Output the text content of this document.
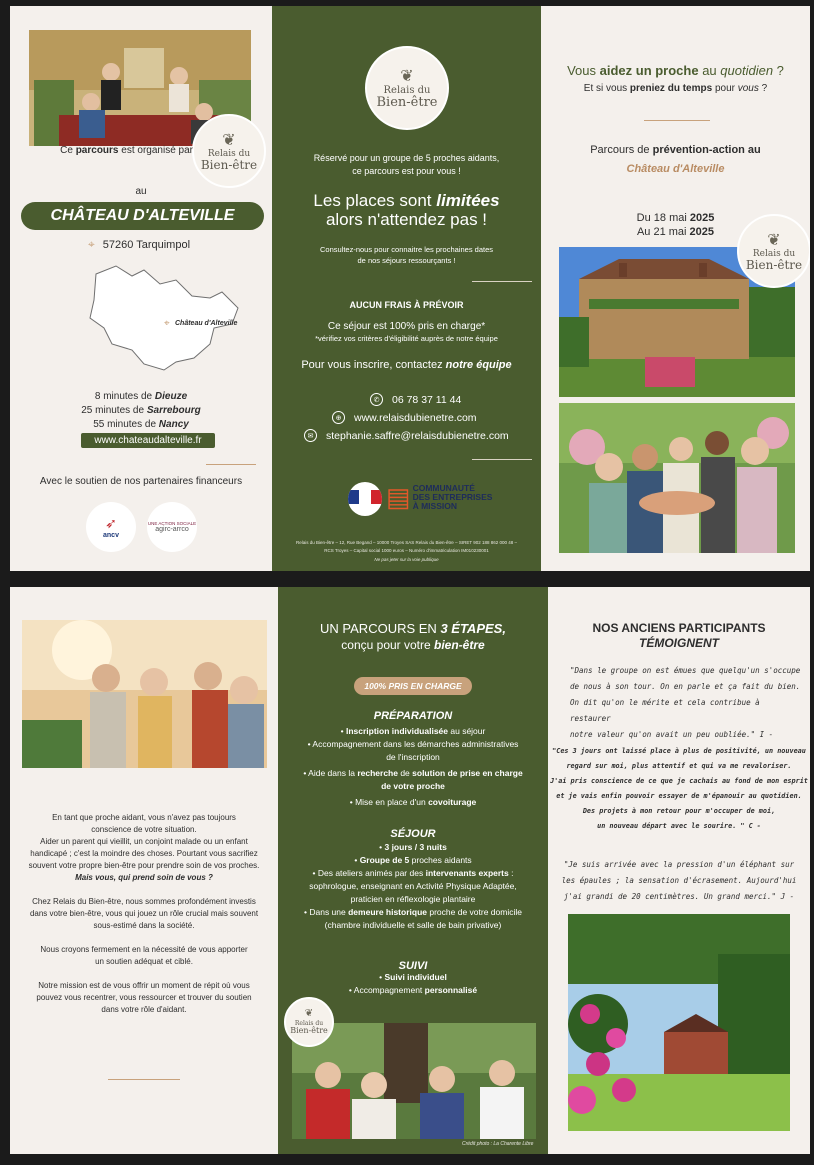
❦
Relais du
Bien-être
Ce parcours est organisé par
au
CHÂTEAU D'ALTEVILLE
⌖ 57260 Tarquimpol
⌖ Château d'Alteville
8 minutes de Dieuze
25 minutes de Sarrebourg
55 minutes de Nancy
www.chateaudalteville.fr
Avec le soutien de nos partenaires financeurs
➶
ancv
UNE ACTION SOCIALE
agirc-arrco
❦
Relais du
Bien-être
Réservé pour un groupe de 5 proches aidants,
ce parcours est pour vous !
Les places sont limitées
alors n'attendez pas !
Consultez-nous pour connaitre les prochaines dates
de nos séjours ressourçants !
AUCUN FRAIS À PRÉVOIR
Ce séjour est 100% pris en charge*
*vérifiez vos critères d'éligibilité auprès de notre équipe
Pour vous inscrire, contactez notre équipe
✆	06 78 37 11 44
⊕	www.relaisdubienetre.com
✉	stephanie.saffre@relaisdubienetre.com
▤ COMMUNAUTÉ
DES ENTREPRISES
À MISSION
Relais du Bien-être – 12, Rue Begand – 10000 Troyes SAS Relais du Bien-être – SIRET 902 188 862 000 48 –
RCS Troyes – Capital social 1000 euros – Numéro d'immatriculation IM010230001
Ne pas jeter sur la voie publique
Vous aidez un proche au quotidien ?
Et si vous preniez du temps pour vous ?
Parcours de prévention-action au
Château d'Alteville
Du 18 mai 2025
Au 21 mai 2025	❦
Relais du
Bien-être
En tant que proche aidant, vous n'avez pas toujours
conscience de votre situation.
Aider un parent qui vieillit, un conjoint malade ou un enfant
handicapé ; c'est la moindre des choses. Pourtant vous sacrifiez
souvent votre propre bien-être pour prendre soin de vos proches.
Mais vous, qui prend soin de vous ?
Chez Relais du Bien-être, nous sommes profondément investis
dans votre bien-être, vous qui jouez un rôle crucial mais souvent
sous-estimé dans la société.
Nous croyons fermement en la nécessité de vous apporter
un soutien adéquat et ciblé.
Notre mission est de vous offrir un moment de répit où vous
pouvez vous recentrer, vous ressourcer et trouver du soutien
dans votre rôle d'aidant.
UN PARCOURS EN 3 ÉTAPES,
conçu pour votre bien-être
100% PRIS EN CHARGE
PRÉPARATION
• Inscription individualisée au séjour
• Accompagnement dans les démarches administratives
de l'inscription
• Aide dans la recherche de solution de prise en charge
de votre proche
• Mise en place d'un covoiturage
SÉJOUR
• 3 jours / 3 nuits
• Groupe de 5 proches aidants
• Des ateliers animés par des intervenants experts :
sophrologue, enseignant en Activité Physique Adaptée,
praticien en réflexologie plantaire
• Dans une demeure historique proche de votre domicile
(chambre individuelle et salle de bain privative)
SUIVI
• Suivi individuel
• Accompagnement personnalisé
❦
Relais du
Bien-être
Crédit photo : La Charente Libre
NOS ANCIENS PARTICIPANTS
TÉMOIGNENT
"Dans le groupe on est émues que quelqu'un s'occupe
de nous à son tour. On en parle et ça fait du bien.
On dit qu'on le mérite et cela contribue à restaurer
notre valeur qu'on avait un peu oubliée." I -
"Ces 3 jours ont laissé place à plus de positivité, un nouveau
regard sur moi, plus attentif et qui va me revaloriser.
J'ai pris conscience de ce que je cachais au fond de mon esprit
et je vais enfin pouvoir essayer de m'épanouir au quotidien.
Des projets à mon retour pour m'occuper de moi,
un nouveau départ avec le sourire. " C -
"Je suis arrivée avec la pression d'un éléphant sur
les épaules ; la sensation d'écrasement. Aujourd'hui
j'ai grandi de 20 centimètres. Un grand merci." J -
